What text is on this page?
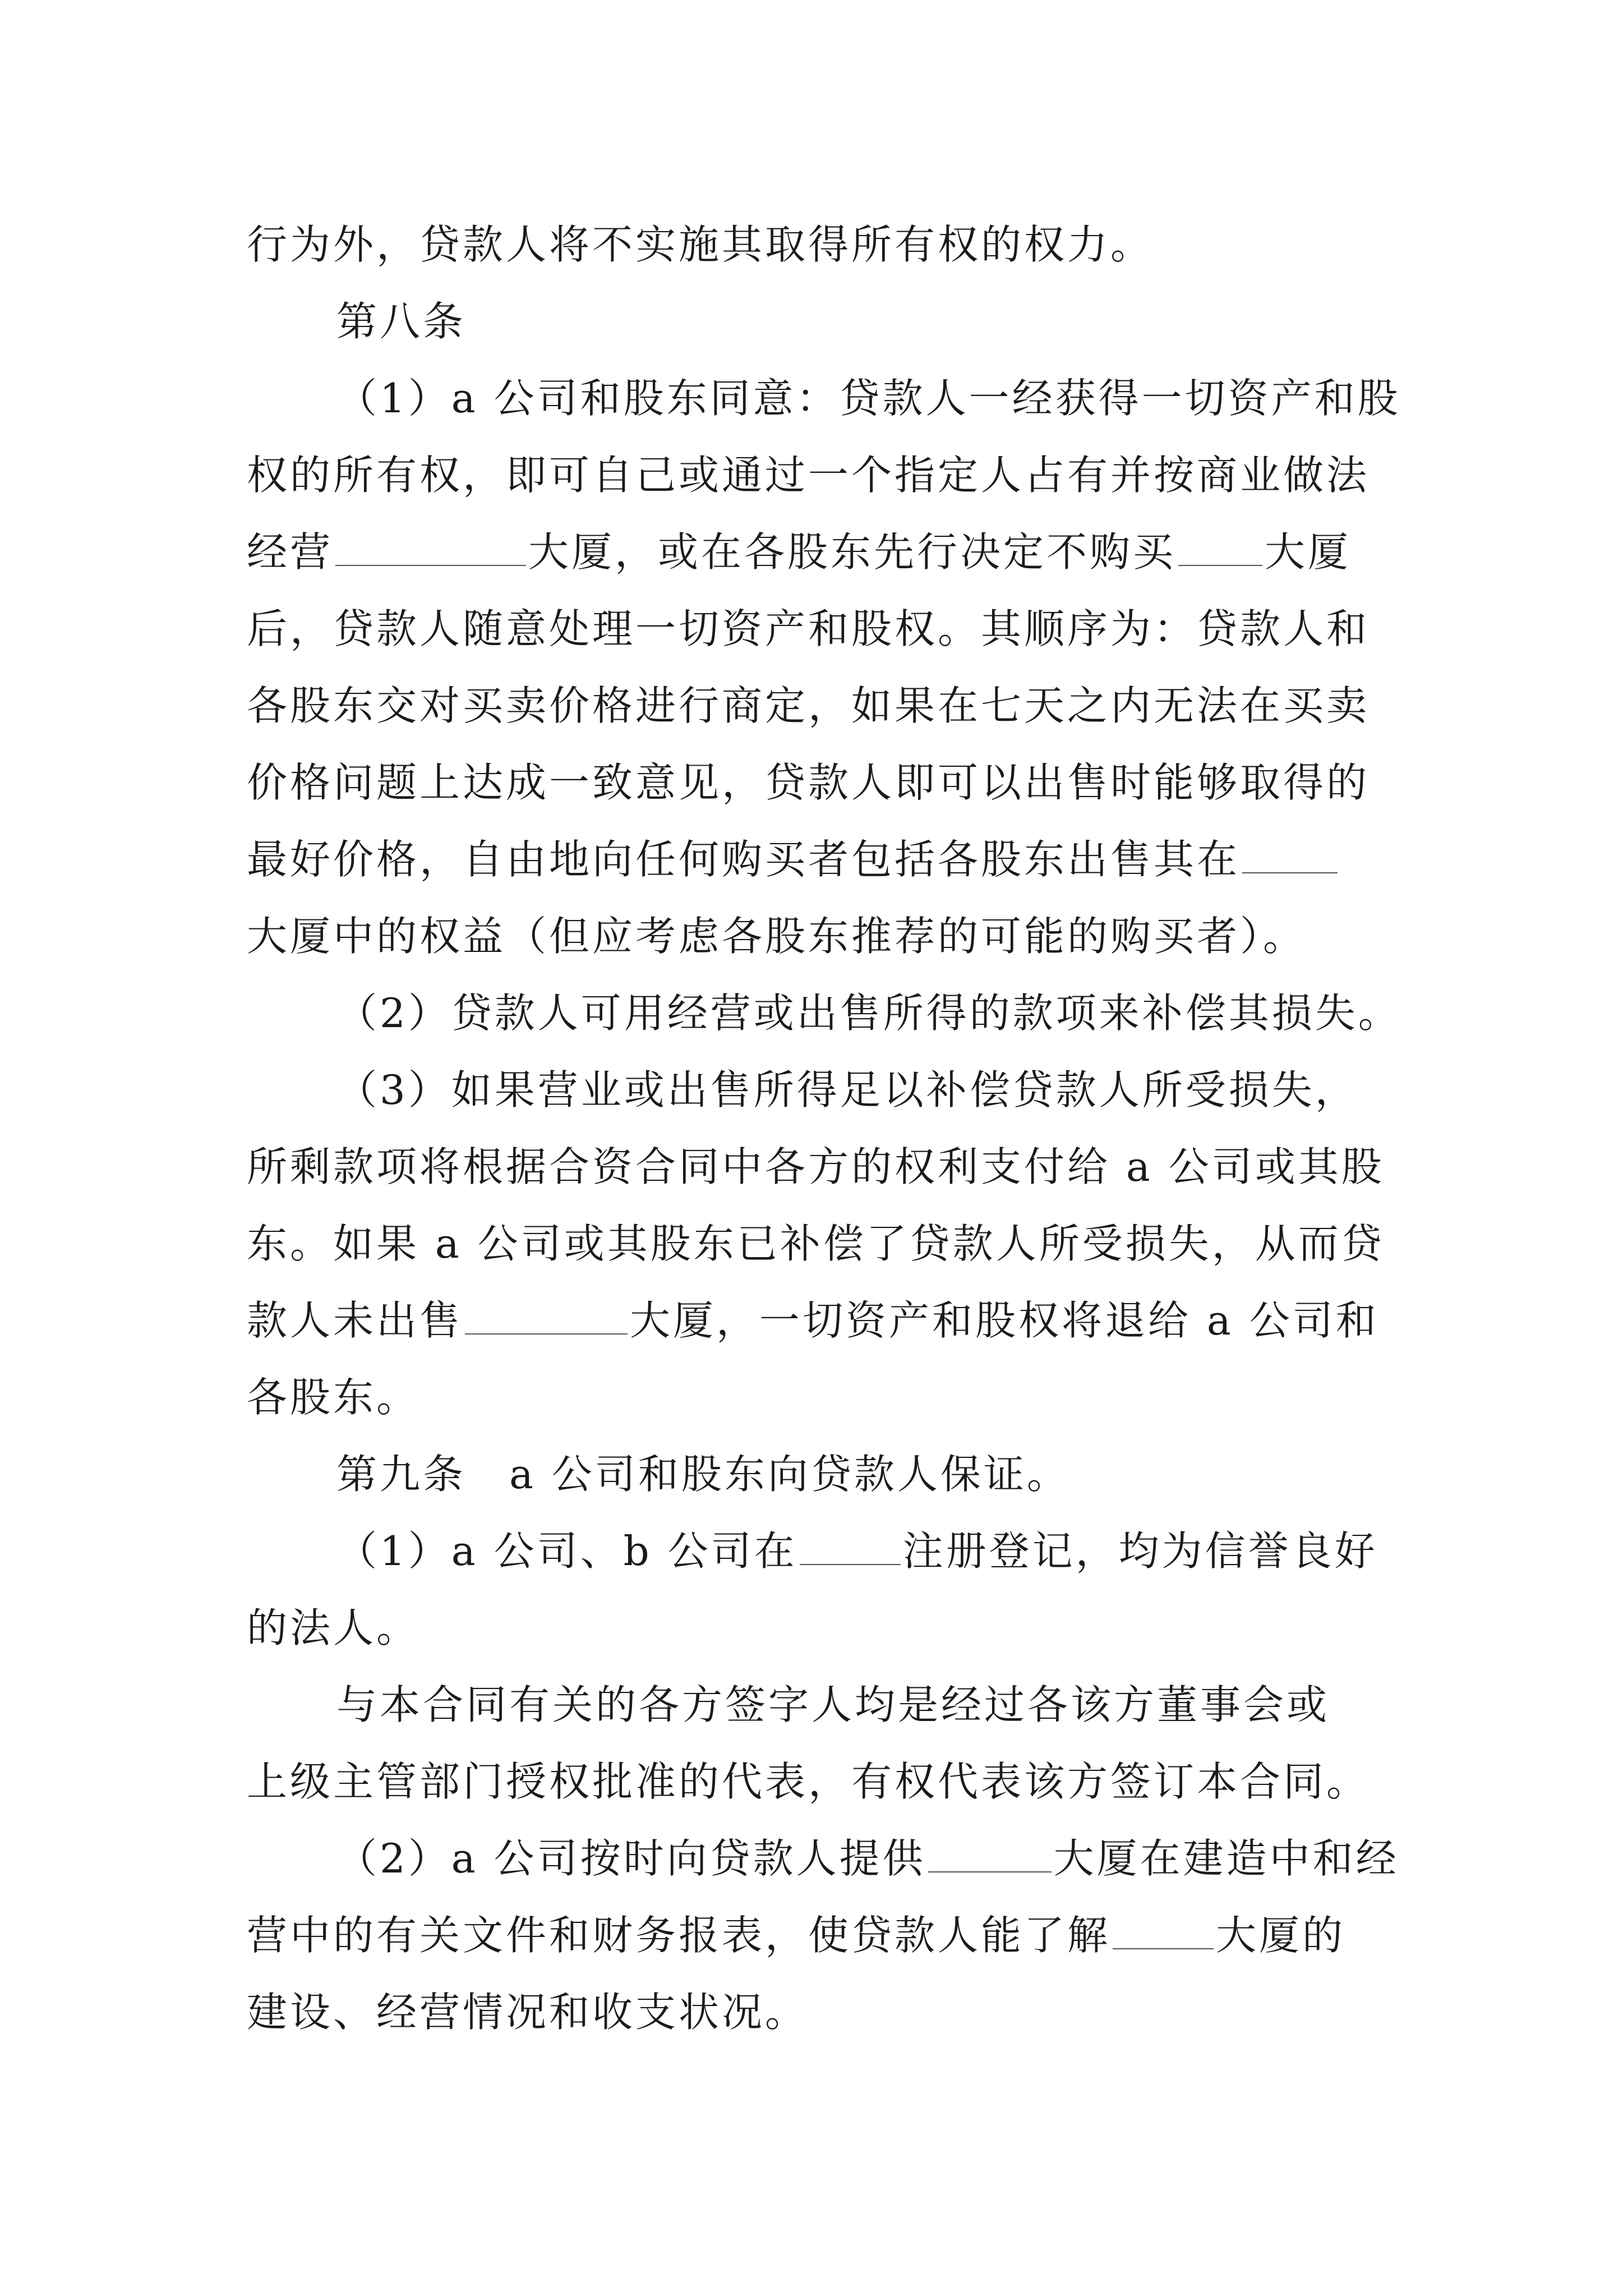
行为外，贷款人将不实施其取得所有权的权力。
第八条
（1）a 公司和股东同意：贷款人一经获得一切资产和股
权的所有权，即可自己或通过一个指定人占有并按商业做法
经营	大厦，或在各股东先行决定不购买 大厦
后，贷款人随意处理一切资产和股权。其顺序为：贷款人和
各股东交对买卖价格进行商定，如果在七天之内无法在买卖
价格问题上达成一致意见，贷款人即可以出售时能够取得的
最好价格，自由地向任何购买者包括各股东出售其在
大厦中的权益（但应考虑各股东推荐的可能的购买者）。
（2）贷款人可用经营或出售所得的款项来补偿其损失。
（3）如果营业或出售所得足以补偿贷款人所受损失，
所剩款项将根据合资合同中各方的权利支付给 a 公司或其股
东。如果 a 公司或其股东已补偿了贷款人所受损失，从而贷
款人未出售	大厦，一切资产和股权将退给 a 公司和
各股东。
第九条　a 公司和股东向贷款人保证。
（1）a 公司、b 公司在	注册登记，均为信誉良好
的法人。
与本合同有关的各方签字人均是经过各该方董事会或
上级主管部门授权批准的代表，有权代表该方签订本合同。
（2）a 公司按时向贷款人提供	大厦在建造中和经
营中的有关文件和财务报表，使贷款人能了解	大厦的
建设、经营情况和收支状况。
